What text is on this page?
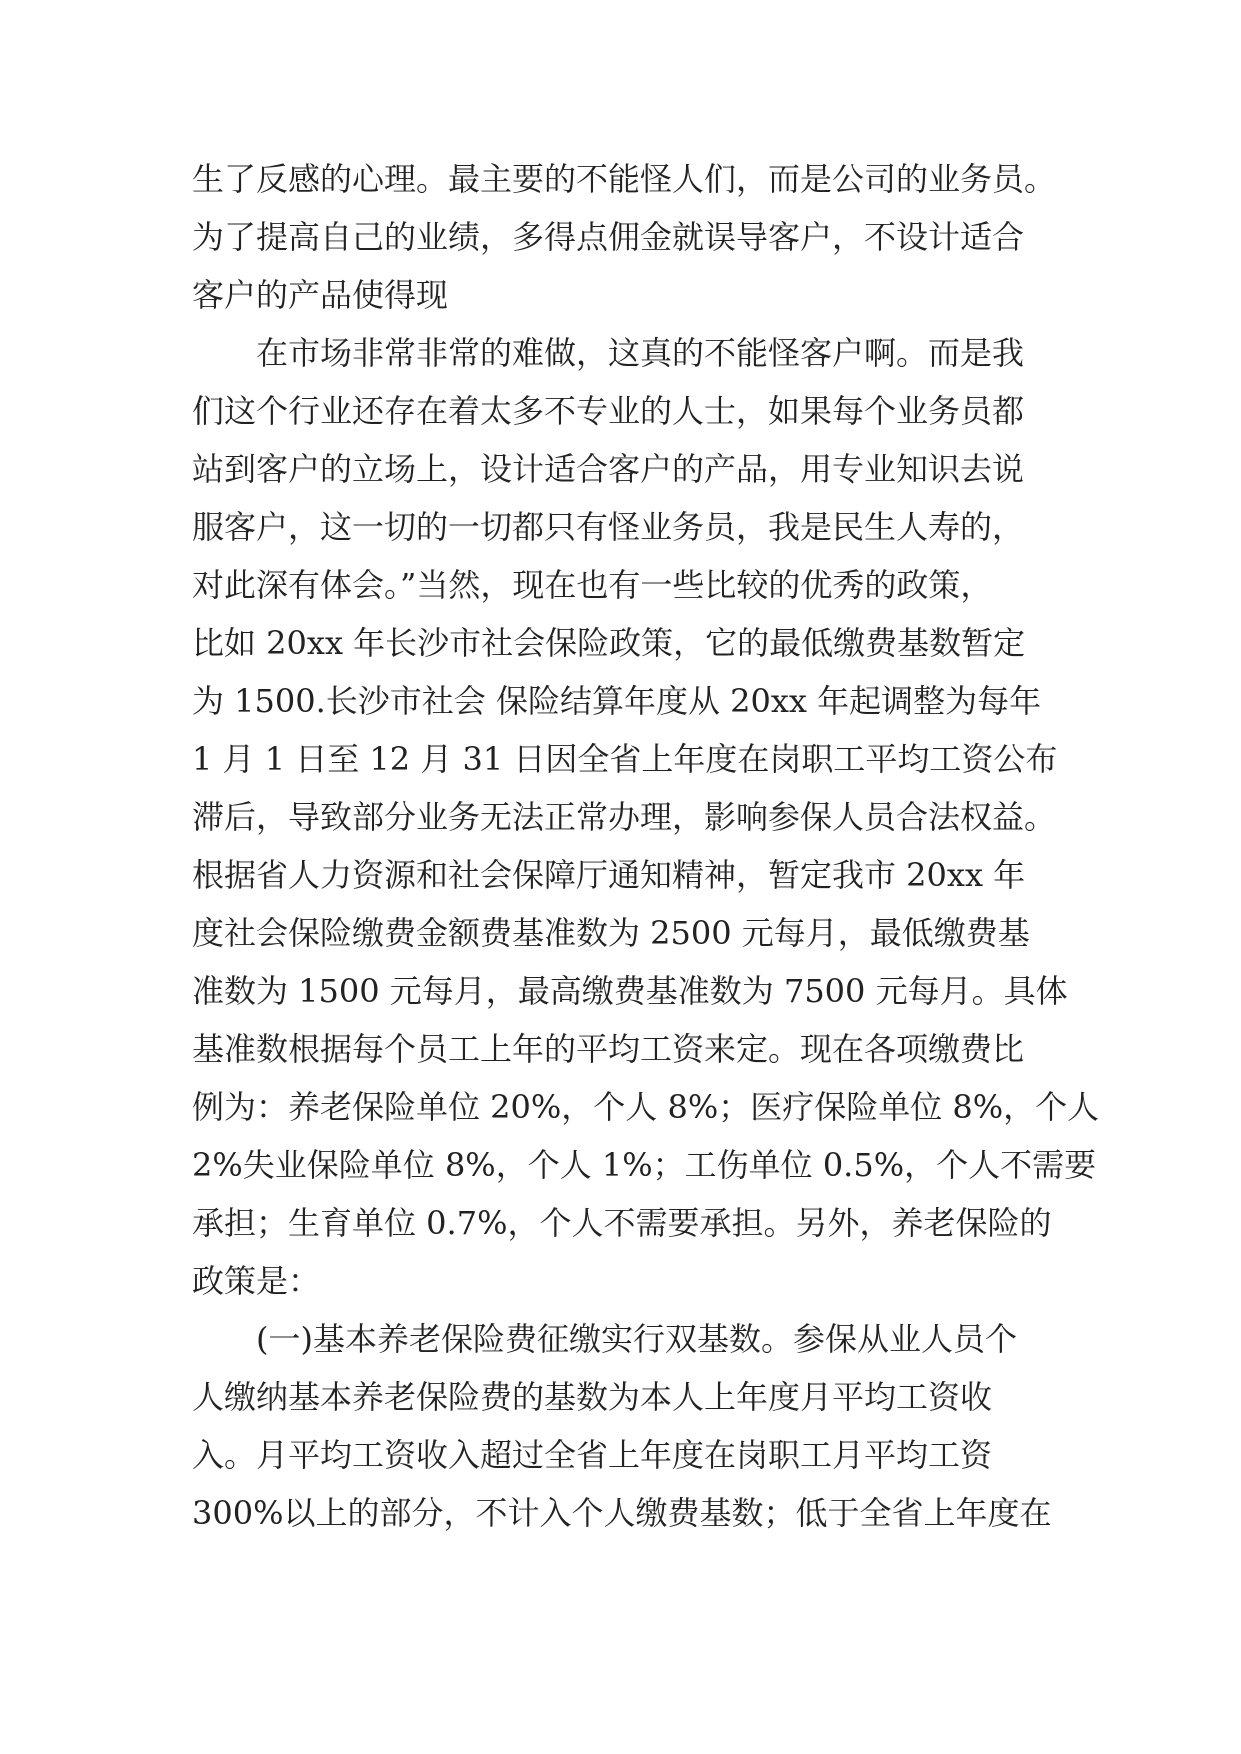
生了反感的心理。最主要的不能怪人们，而是公司的业务员。
为了提高自己的业绩，多得点佣金就误导客户，不设计适合
客户的产品使得现
在市场非常非常的难做，这真的不能怪客户啊。而是我
们这个行业还存在着太多不专业的人士，如果每个业务员都
站到客户的立场上，设计适合客户的产品，用专业知识去说
服客户，这一切的一切都只有怪业务员，我是民生人寿的，
对此深有体会。”当然，现在也有一些比较的优秀的政策，
比如 20xx 年长沙市社会保险政策，它的最低缴费基数暂定
为 1500.长沙市社会 保险结算年度从 20xx 年起调整为每年
1 月 1 日至 12 月 31 日因全省上年度在岗职工平均工资公布
滞后，导致部分业务无法正常办理，影响参保人员合法权益。
根据省人力资源和社会保障厅通知精神，暂定我市 20xx 年
度社会保险缴费金额费基准数为 2500 元每月，最低缴费基
准数为 1500 元每月，最高缴费基准数为 7500 元每月。具体
基准数根据每个员工上年的平均工资来定。现在各项缴费比
例为：养老保险单位 20%，个人 8%；医疗保险单位 8%，个人
2%失业保险单位 8%，个人 1%；工伤单位 0.5%，个人不需要
承担；生育单位 0.7%，个人不需要承担。另外，养老保险的
政策是：
(一)基本养老保险费征缴实行双基数。参保从业人员个
人缴纳基本养老保险费的基数为本人上年度月平均工资收
入。月平均工资收入超过全省上年度在岗职工月平均工资
300%以上的部分，不计入个人缴费基数；低于全省上年度在
